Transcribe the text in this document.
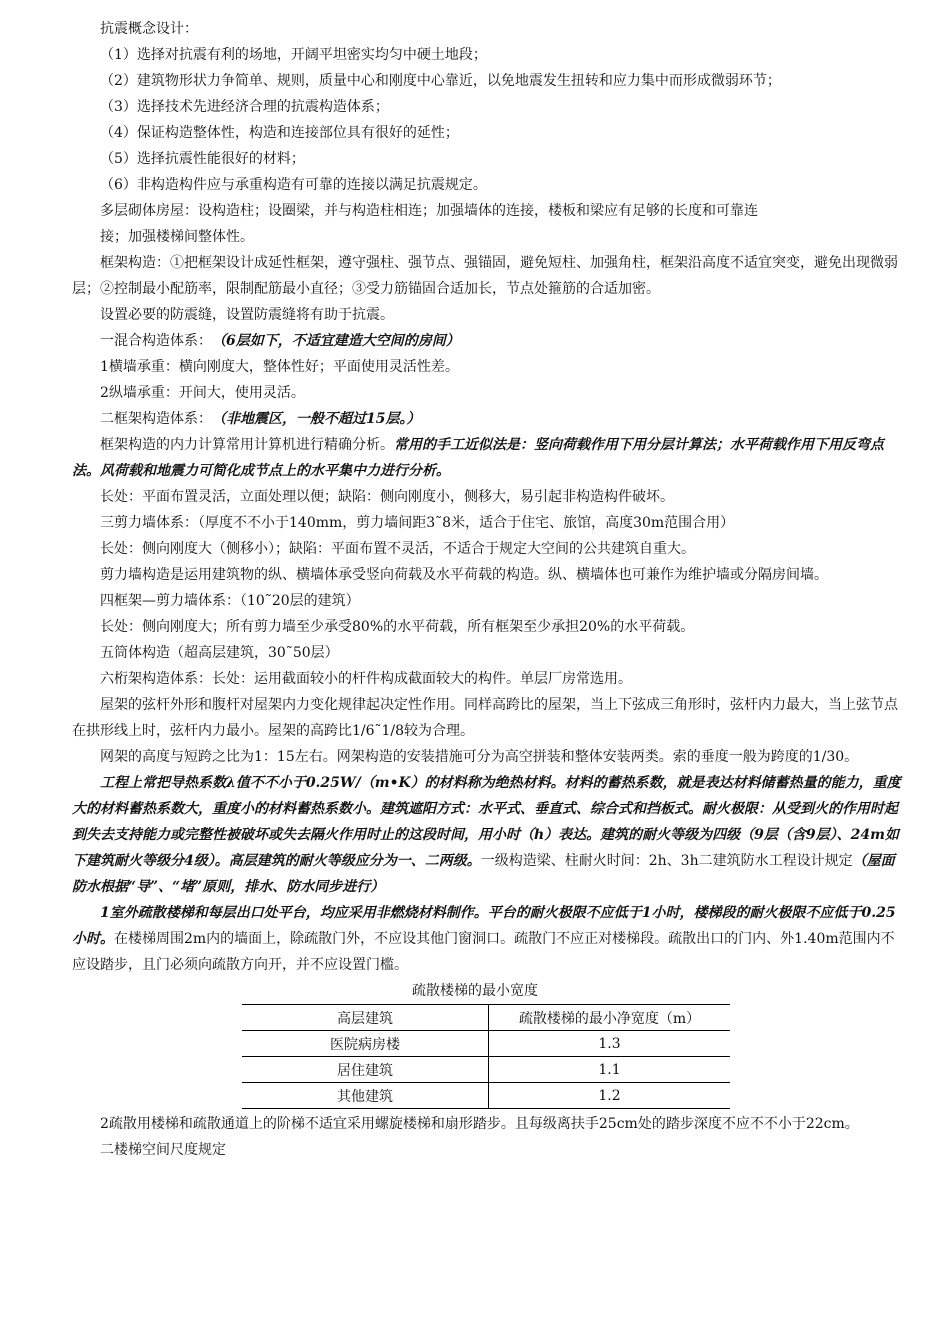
抗震概念设计：

（1）选择对抗震有利的场地，开阔平坦密实均匀中硬土地段；

（2）建筑物形状力争简单、规则，质量中心和刚度中心靠近，以免地震发生扭转和应力集中而形成微弱环节；

（3）选择技术先进经济合理的抗震构造体系；

（4）保证构造整体性，构造和连接部位具有很好的延性；

（5）选择抗震性能很好的材料；

（6）非构造构件应与承重构造有可靠的连接以满足抗震规定。

多层砌体房屋：设构造柱；设圈梁，并与构造柱相连；加强墙体的连接，楼板和梁应有足够的长度和可靠连
接；加强楼梯间整体性。

框架构造：①把框架设计成延性框架，遵守强柱、强节点、强锚固，避免短柱、加强角柱，框架沿高度不适宜突变，避免出现微弱层；②控制最小配筋率，限制配筋最小直径；③受力筋锚固合适加长，节点处箍筋的合适加密。

设置必要的防震缝，设置防震缝将有助于抗震。

一混合构造体系：（6层如下，不适宜建造大空间的房间）

1横墙承重：横向刚度大，整体性好；平面使用灵活性差。

2纵墙承重：开间大，使用灵活。

二框架构造体系：（非地震区，一般不超过15层。）

框架构造的内力计算常用计算机进行精确分析。常用的手工近似法是：竖向荷载作用下用分层计算法；水平荷载作用下用反弯点法。风荷载和地震力可简化成节点上的水平集中力进行分析。

长处：平面布置灵活，立面处理以便；缺陷：侧向刚度小，侧移大，易引起非构造构件破坏。

三剪力墙体系：（厚度不不小于140mm，剪力墙间距3˜8米，适合于住宅、旅馆，高度30m范围合用）

长处：侧向刚度大（侧移小）；缺陷：平面布置不灵活，不适合于规定大空间的公共建筑自重大。

剪力墙构造是运用建筑物的纵、横墙体承受竖向荷载及水平荷载的构造。纵、横墙体也可兼作为维护墙或分隔房间墙。

四框架—剪力墙体系：（10˜20层的建筑）

长处：侧向刚度大；所有剪力墙至少承受80%的水平荷载，所有框架至少承担20%的水平荷载。

五筒体构造（超高层建筑，30˜50层）

六桁架构造体系：长处：运用截面较小的杆件构成截面较大的构件。单层厂房常选用。

屋架的弦杆外形和腹杆对屋架内力变化规律起决定性作用。同样高跨比的屋架，当上下弦成三角形时，弦杆内力最大，当上弦节点在拱形线上时，弦杆内力最小。屋架的高跨比1/6˜1/8较为合理。

网架的高度与短跨之比为1：15左右。网架构造的安装措施可分为高空拼装和整体安装两类。索的垂度一般为跨度的1/30。

工程上常把导热系数λ值不不小于0.25W/（m•K）的材料称为绝热材料。材料的蓄热系数，就是表达材料储蓄热量的能力，重度大的材料蓄热系数大，重度小的材料蓄热系数小。建筑遮阳方式：水平式、垂直式、综合式和挡板式。耐火极限：从受到火的作用时起到失去支持能力或完整性被破坏或失去隔火作用时止的这段时间，用小时（h）表达。建筑的耐火等级为四级（9层（含9层）、24m如下建筑耐火等级分4级）。高层建筑的耐火等级应分为一、二两级。一级构造梁、柱耐火时间：2h、3h二建筑防水工程设计规定（屋面防水根据“导”、“堵”原则，排水、防水同步进行）

1室外疏散楼梯和每层出口处平台，均应采用非燃烧材料制作。平台的耐火极限不应低于1小时，楼梯段的耐火极限不应低于0.25小时。在楼梯周围2m内的墙面上，除疏散门外，不应设其他门窗洞口。疏散门不应正对楼梯段。疏散出口的门内、外1.40m范围内不应设踏步，且门必须向疏散方向开，并不应设置门槛。

疏散楼梯的最小宽度
高层建筑	疏散楼梯的最小净宽度（m）
医院病房楼	1.3
居住建筑	1.1
其他建筑	1.2

2疏散用楼梯和疏散通道上的阶梯不适宜采用螺旋楼梯和扇形踏步。且每级离扶手25cm处的踏步深度不应不不小于22cm。

二楼梯空间尺度规定
